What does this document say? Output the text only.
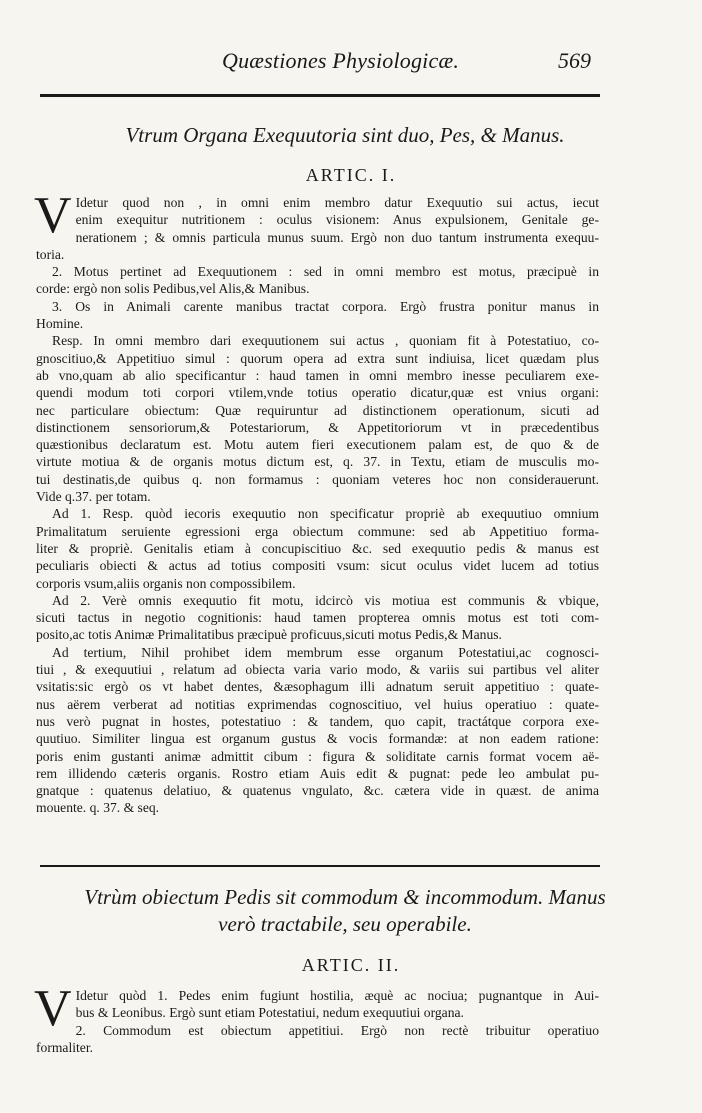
Quæstiones Physiologicæ.	569
Vtrum Organa Exequutoria sint duo, Pes, & Manus.
ARTIC. I.
V Idetur quod non , in omni enim membro datur Exequutio sui actus, iecut
enim exequitur nutritionem : oculus visionem: Anus expulsionem, Genitale ge-
nerationem ; & omnis particula munus suum. Ergò non duo tantum instrumenta exequu-
toria.
2. Motus pertinet ad Exequutionem : sed in omni membro est motus, præcipuè in
corde: ergò non solis Pedibus,vel Alis,& Manibus.
3. Os in Animali carente manibus tractat corpora. Ergò frustra ponitur manus in
Homine.
Resp. In omni membro dari exequutionem sui actus , quoniam fit à Potestatiuo, co-
gnoscitiuo,& Appetitiuo simul : quorum opera ad extra sunt indiuisa, licet quædam plus
ab vno,quam ab alio specificantur : haud tamen in omni membro inesse peculiarem exe-
quendi modum toti corpori vtilem,vnde totius operatio dicatur,quæ est vnius organi:
nec particulare obiectum: Quæ requiruntur ad distinctionem operationum, sicuti ad
distinctionem sensoriorum,& Potestariorum, & Appetitoriorum vt in præcedentibus
quæstionibus declaratum est. Motu autem fieri executionem palam est, de quo & de
virtute motiua & de organis motus dictum est, q. 37. in Textu, etiam de musculis mo-
tui destinatis,de quibus q. non formamus : quoniam veteres hoc non considerauerunt.
Vide q.37. per totam.
Ad 1. Resp. quòd iecoris exequutio non specificatur propriè ab exequutiuo omnium
Primalitatum seruiente egressioni erga obiectum commune: sed ab Appetitiuo forma-
liter & propriè. Genitalis etiam à concupiscitiuo &c. sed exequutio pedis & manus est
peculiaris obiecti & actus ad totius compositi vsum: sicut oculus videt lucem ad totius
corporis vsum,aliis organis non compossibilem.
Ad 2. Verè omnis exequutio fit motu, idcircò vis motiua est communis & vbique,
sicuti tactus in negotio cognitionis: haud tamen propterea omnis motus est toti com-
posito,ac totis Animæ Primalitatibus præcipuè proficuus,sicuti motus Pedis,& Manus.
Ad tertium, Nihil prohibet idem membrum esse organum Potestatiui,ac cognosci-
tiui , & exequutiui , relatum ad obiecta varia vario modo, & variis sui partibus vel aliter
vsitatis:sic ergò os vt habet dentes, &æsophagum illi adnatum seruit appetitiuo : quate-
nus aërem verberat ad notitias exprimendas cognoscitiuo, vel huius operatiuo : quate-
nus verò pugnat in hostes, potestatiuo : & tandem, quo capit, tractátque corpora exe-
quutiuo. Similiter lingua est organum gustus & vocis formandæ: at non eadem ratione:
poris enim gustanti animæ admittit cibum : figura & soliditate carnis format vocem aë-
rem illidendo cæteris organis. Rostro etiam Auis edit & pugnat: pede leo ambulat pu-
gnatque : quatenus delatiuo, & quatenus vngulato, &c. cætera vide in quæst. de anima
mouente. q. 37. & seq.
Vtrùm obiectum Pedis sit commodum & incommodum. Manus
verò tractabile, seu operabile.
ARTIC. II.
V Idetur quòd 1. Pedes enim fugiunt hostilia, æquè ac nociua; pugnantque in Aui-
bus & Leonibus. Ergò sunt etiam Potestatiui, nedum exequutiui organa.
2. Commodum est obiectum appetitiui. Ergò non rectè tribuitur operatiuo
formaliter.
